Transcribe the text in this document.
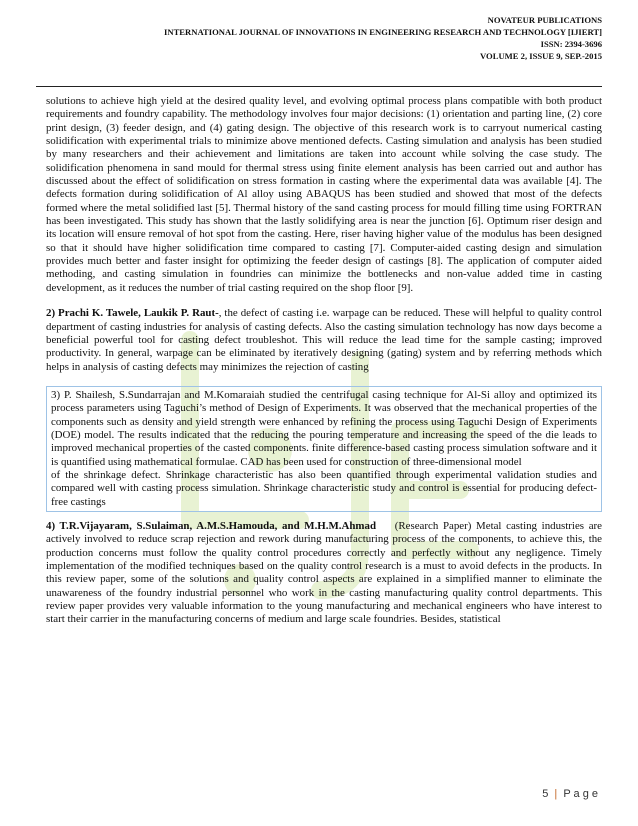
NOVATEUR PUBLICATIONS
INTERNATIONAL JOURNAL OF INNOVATIONS IN ENGINEERING RESEARCH AND TECHNOLOGY [IJIERT]
ISSN: 2394-3696
VOLUME 2, ISSUE 9, SEP.-2015

solutions to achieve high yield at the desired quality level, and evolving optimal process plans compatible with both product requirements and foundry capability. The methodology involves four major decisions: (1) orientation and parting line, (2) core print design, (3) feeder design, and (4) gating design. The objective of this research work is to carryout numerical casting solidification with experimental trials to minimize above mentioned defects. Casting simulation and analysis has been studied by many researchers and their achievement and limitations are taken into account while solving the case study. The solidification phenomena in sand mould for thermal stress using finite element analysis has been carried out and author has discussed about the effect of solidification on stress formation in casting where the experimental data was available [4]. The defects formation during solidification of Al alloy using ABAQUS has been studied and showed that most of the defects formed where the metal solidified last [5]. Thermal history of the sand casting process for mould filling time using FORTRAN has been investigated. This study has shown that the lastly solidifying area is near the junction [6]. Optimum riser design and its location will ensure removal of hot spot from the casting. Here, riser having higher value of the modulus has been designed so that it should have higher solidification time compared to casting [7]. Computer-aided casting design and simulation provides much better and faster insight for optimizing the feeder design of castings [8]. The application of computer aided methoding, and casting simulation in foundries can minimize the bottlenecks and non-value added time in casting development, as it reduces the number of trial casting required on the shop floor [9].

2) Prachi K. Tawele, Laukik P. Raut-, the defect of casting i.e. warpage can be reduced. These will helpful to quality control department of casting industries for analysis of casting defects. Also the casting simulation technology has now days become a beneficial powerful tool for casting defect troubleshot. This will reduce the lead time for the sample casting; improved productivity. In general, warpage can be eliminated by iteratively designing (gating) system and by referring methods which helps in analysis of casting defects may minimizes the rejection of casting

3) P. Shailesh, S.Sundarrajan and M.Komaraiah studied the centrifugal casing technique for Al-Si alloy and optimized its process parameters using Taguchi’s method of Design of Experiments. It was observed that the mechanical properties of the components such as density and yield strength were enhanced by refining the process using Taguchi Design of Experiments (DOE) model. The results indicated that the reducing the pouring temperature and increasing the speed of the die leads to improved mechanical properties of the casted components. finite difference-based casting process simulation software and it is quantified using mathematical formulae. CAD has been used for construction of three-dimensional model
of the shrinkage defect. Shrinkage characteristic has also been quantified through experimental validation studies and compared well with casting process simulation. Shrinkage characteristic study and control is essential for producing defect-free castings

4) T.R.Vijayaram, S.Sulaiman, A.M.S.Hamouda, and M.H.M.Ahmad    (Research Paper) Metal casting industries are actively involved to reduce scrap rejection and rework during manufacturing process of the components, to achieve this, the production concerns must follow the quality control procedures correctly and perfectly without any negligence. Timely implementation of the modified techniques based on the quality control research is a must to avoid defects in the products. In this review paper, some of the solutions and quality control aspects are explained in a simplified manner to eliminate the unawareness of the foundry industrial personnel who work in the casting manufacturing quality control departments. This review paper provides very valuable information to the young manufacturing and mechanical engineers who have interest to start their carrier in the manufacturing concerns of medium and large scale foundries. Besides, statistical

5 | P a g e
